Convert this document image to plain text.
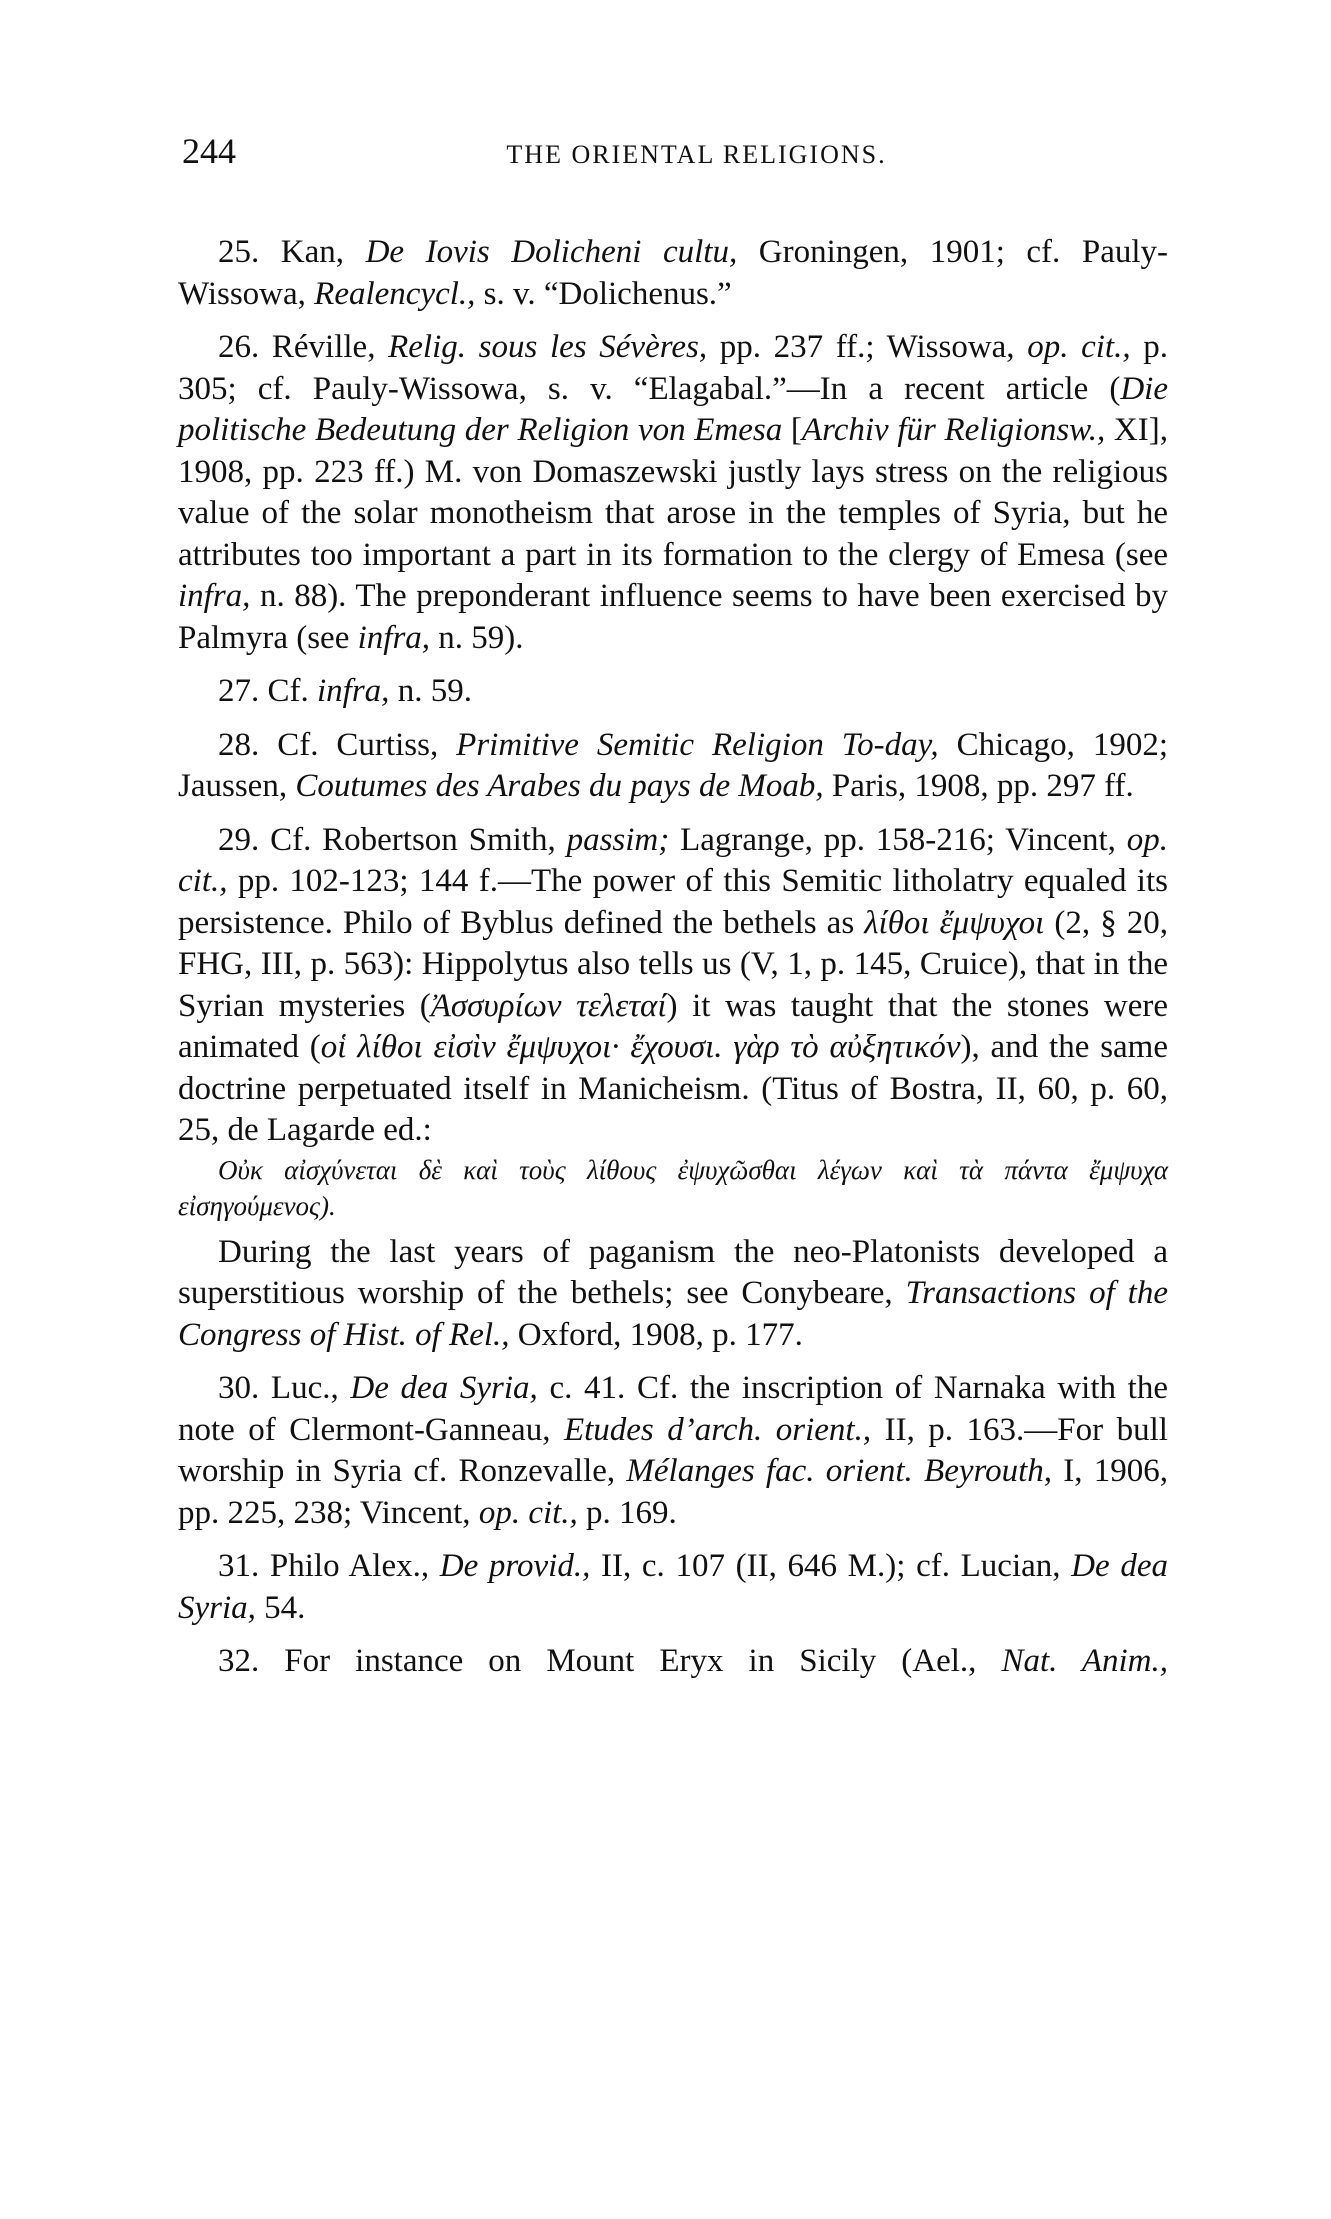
244	THE ORIENTAL RELIGIONS.

25. Kan, De Iovis Dolicheni cultu, Groningen, 1901; cf. Pauly-Wissowa, Realencycl., s. v. “Dolichenus.”

26. Réville, Relig. sous les Sévères, pp. 237 ff.; Wissowa, op. cit., p. 305; cf. Pauly-Wissowa, s. v. “Elagabal.”—In a recent article (Die politische Bedeutung der Religion von Emesa [Archiv für Religionsw., XI], 1908, pp. 223 ff.) M. von Domaszewski justly lays stress on the religious value of the solar monotheism that arose in the temples of Syria, but he attributes too important a part in its formation to the clergy of Emesa (see infra, n. 88). The preponderant influence seems to have been exercised by Palmyra (see infra, n. 59).

27. Cf. infra, n. 59.

28. Cf. Curtiss, Primitive Semitic Religion To-day, Chicago, 1902; Jaussen, Coutumes des Arabes du pays de Moab, Paris, 1908, pp. 297 ff.

29. Cf. Robertson Smith, passim; Lagrange, pp. 158-216; Vincent, op. cit., pp. 102-123; 144 f.—The power of this Semitic litholatry equaled its persistence. Philo of Byblus defined the bethels as λίθοι ἔμψυχοι (2, § 20, FHG, III, p. 563): Hippolytus also tells us (V, 1, p. 145, Cruice), that in the Syrian mysteries (Ἀσσυρίων τελεταί) it was taught that the stones were animated (οἱ λίθοι εἰσὶν ἔμψυχοι· ἔχουσι. γὰρ τὸ αὐξητικόν), and the same doctrine perpetuated itself in Manicheism. (Titus of Bostra, II, 60, p. 60, 25, de Lagarde ed.:

Οὐκ αἰσχύνεται δὲ καὶ τοὺς λίθους ἐψυχῶσθαι λέγων καὶ τὰ πάντα ἔμψυχα εἰσηγούμενος).

During the last years of paganism the neo-Platonists developed a superstitious worship of the bethels; see Conybeare, Transactions of the Congress of Hist. of Rel., Oxford, 1908, p. 177.

30. Luc., De dea Syria, c. 41. Cf. the inscription of Narnaka with the note of Clermont-Ganneau, Etudes d’arch. orient., II, p. 163.—For bull worship in Syria cf. Ronzevalle, Mélanges fac. orient. Beyrouth, I, 1906, pp. 225, 238; Vincent, op. cit., p. 169.

31. Philo Alex., De provid., II, c. 107 (II, 646 M.); cf. Lucian, De dea Syria, 54.

32. For instance on Mount Eryx in Sicily (Ael., Nat. Anim.,
